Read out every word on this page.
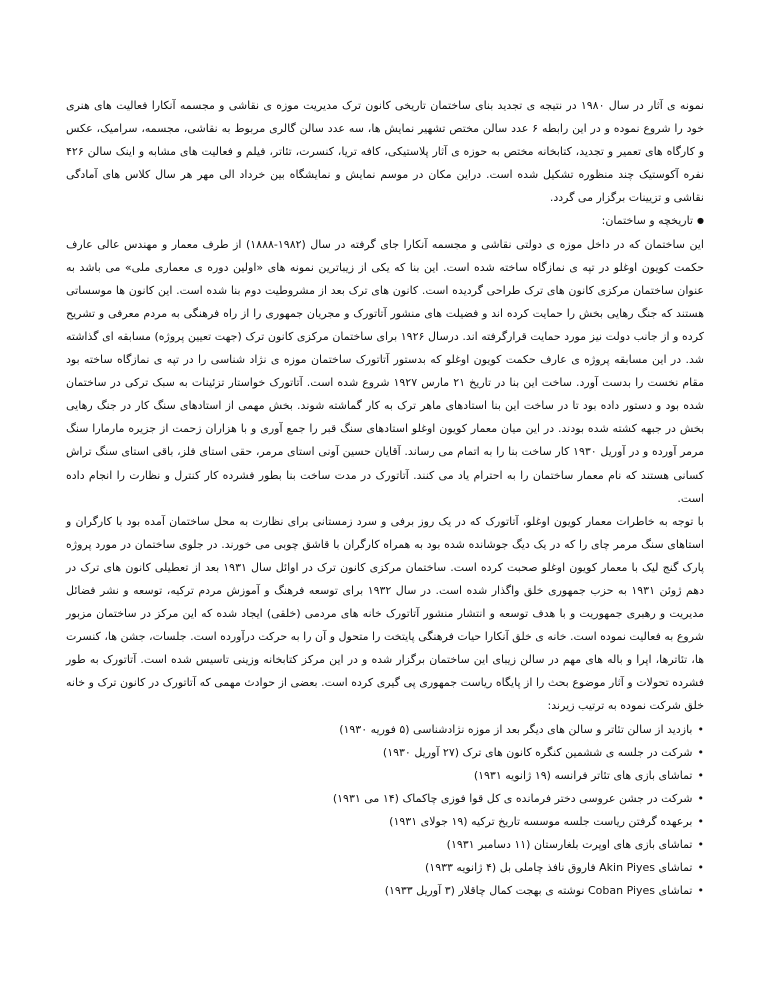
نمونه ی آثار در سال ۱۹۸۰ در نتیجه ی تجدید بنای ساختمان تاریخی کانون ترک مدیریت موزه ی نقاشی و مجسمه آنکارا فعالیت های هنری خود را شروع نموده و در این رابطه ۶ عدد سالن مختص تشهیر نمایش ها، سه عدد سالن گالری مربوط به نقاشی، مجسمه، سرامیک، عکس و کارگاه های تعمیر و تجدید، کتابخانه مختص به حوزه ی آثار پلاستیکی، کافه تریا، کنسرت، تئاتر، فیلم و فعالیت های مشابه و اینک سالن ۴۲۶ نفره آکوستیک چند منظوره تشکیل شده است. دراین مکان در موسم نمایش و نمایشگاه بین خرداد الی مهر هر سال کلاس های آمادگی نقاشی و تزیینات برگزار می گردد.

● تاریخچه و ساختمان:

این ساختمان که در داخل موزه ی دولتی نقاشی و مجسمه آنکارا جای گرفته در سال (۱۹۸۲-۱۸۸۸) از طرف معمار و مهندس عالی عارف حکمت کویون اوغلو در تپه ی نمازگاه ساخته شده است. این بنا که یکی از زیباترین نمونه های «اولین دوره ی معماری ملی» می باشد به عنوان ساختمان مرکزی کانون های ترک طراحی گردیده است. کانون های ترک بعد از مشروطیت دوم بنا شده است. این کانون ها موسساتی هستند که جنگ رهایی بخش را حمایت کرده اند و فضیلت های منشور آتاتورک و مجریان جمهوری را از راه فرهنگی به مردم معرفی و تشریح کرده و از جانب دولت نیز مورد حمایت قرارگرفته اند. درسال ۱۹۲۶ برای ساختمان مرکزی کانون ترک (جهت تعیین پروژه) مسابقه ای گذاشته شد. در این مسابقه پروژه ی عارف حکمت کویون اوغلو که بدستور آتاتورک ساختمان موزه ی نژاد شناسی را در تپه ی نمازگاه ساخته بود مقام نخست را بدست آورد. ساخت این بنا در تاریخ ۲۱ مارس ۱۹۲۷ شروع شده است. آتاتورک خواستار تزئینات به سبک ترکی در ساختمان شده بود و دستور داده بود تا در ساخت این بنا استادهای ماهر ترک به کار گماشته شوند. بخش مهمی از استادهای سنگ کار در جنگ رهایی بخش در جبهه کشته شده بودند. در این میان معمار کویون اوغلو استادهای سنگ قبر را جمع آوری و با هزاران زحمت از جزیره مارمارا سنگ مرمر آورده و در آوریل ۱۹۳۰ کار ساخت بنا را به اتمام می رساند. آقایان حسین آونی استای مرمر، حقی استای فلز، باقی استای سنگ تراش کسانی هستند که نام معمار ساختمان را به احترام یاد می کنند. آتاتورک در مدت ساخت بنا بطور فشرده کار کنترل و نظارت را انجام داده است.

با توجه به خاطرات معمار کویون اوغلو، آتاتورک که در یک روز برفی و سرد زمستانی برای نظارت به محل ساختمان آمده بود با کارگران و استاهای سنگ مرمر چای را که در یک دیگ جوشانده شده بود به همراه کارگران با قاشق چوبی می خورند. در جلوی ساختمان در مورد پروژه پارک گنج لیک با معمار کویون اوغلو صحبت کرده است. ساختمان مرکزی کانون ترک در اوائل سال ۱۹۳۱ بعد از تعطیلی کانون های ترک در دهم ژوئن ۱۹۳۱ به حزب جمهوری خلق واگذار شده است. در سال ۱۹۳۲ برای توسعه فرهنگ و آموزش مردم ترکیه، توسعه و نشر فضائل مدیریت و رهبری جمهوریت و با هدف توسعه و انتشار منشور آتاتورک خانه های مردمی (خلقی) ایجاد شده که این مرکز در ساختمان مزبور شروع به فعالیت نموده است. خانه ی خلق آنکارا حیات فرهنگی پایتخت را متحول و آن را به حرکت درآورده است. جلسات، جشن ها، کنسرت ها، تئاترها، اپرا و باله های مهم در سالن زیبای این ساختمان برگزار شده و در این مرکز کتابخانه وزینی تاسیس شده است. آتاتورک به طور فشرده تحولات و آثار موضوع بحث را از پایگاه ریاست جمهوری پی گیری کرده است. بعضی از حوادث مهمی که آتاتورک در کانون ترک و خانه خلق شرکت نموده به ترتیب زیرند:

• بازدید از سالن تئاتر و سالن های دیگر بعد از موزه نژادشناسی (۵ فوریه ۱۹۳۰)

• شرکت در جلسه ی ششمین کنگره کانون های ترک (۲۷ آوریل ۱۹۳۰)

• تماشای بازی های تئاتر فرانسه (۱۹ ژانویه ۱۹۳۱)

• شرکت در جشن عروسی دختر فرمانده ی کل قوا فوزی چاکماک (۱۴ می ۱۹۳۱)

• برعهده گرفتن ریاست جلسه موسسه تاریخ ترکیه (۱۹ جولای ۱۹۳۱)

• تماشای بازی های اوپرت بلغارستان (۱۱ دسامبر ۱۹۳۱)

• تماشای Akin Piyes فاروق نافذ چاملی بل (۴ ژانویه ۱۹۳۳)

• تماشای Coban Piyes نوشته ی بهجت کمال چاقلار (۳ آوریل ۱۹۳۳)
